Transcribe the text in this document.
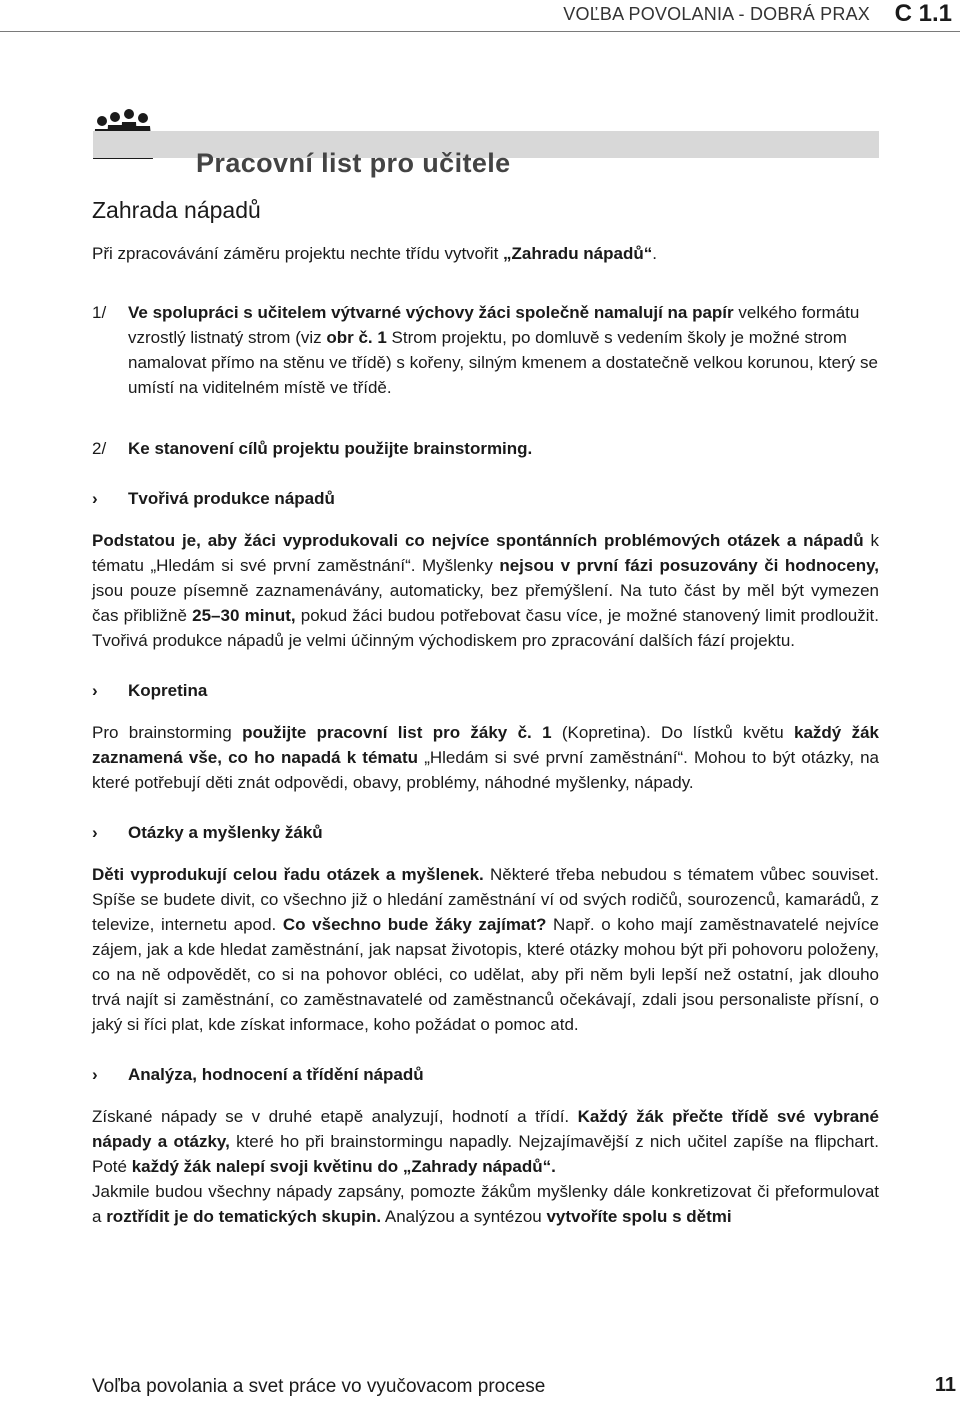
VOĽBA POVOLANIA - DOBRÁ PRAX C 1.1
Pracovní list pro učitele
Zahrada nápadů

Při zpracovávání záměru projektu nechte třídu vytvořit „Zahradu nápadů“.

1/ Ve spolupráci s učitelem výtvarné výchovy žáci společně namalují na papír velkého formátu vzrostlý listnatý strom (viz obr č. 1 Strom projektu, po domluvě s vedením školy je možné strom namalovat přímo na stěnu ve třídě) s kořeny, silným kmenem a dostatečně velkou korunou, který se umístí na viditelném místě ve třídě.
2/ Ke stanovení cílů projektu použijte brainstorming.
› Tvořivá produkce nápadů

Podstatou je, aby žáci vyprodukovali co nejvíce spontánních problémových otázek a nápadů k tématu „Hledám si své první zaměstnání“. Myšlenky nejsou v první fázi posuzovány či hodnoceny, jsou pouze písemně zaznamenávány, automaticky, bez přemýšlení. Na tuto část by měl být vymezen čas přibližně 25–30 minut, pokud žáci budou potřebovat času více, je možné stanovený limit prodloužit. Tvořivá produkce nápadů je velmi účinným východiskem pro zpracování dalších fází projektu.

› Kopretina

Pro brainstorming použijte pracovní list pro žáky č. 1 (Kopretina). Do lístků květu každý žák zaznamená vše, co ho napadá k tématu „Hledám si své první zaměstnání“. Mohou to být otázky, na které potřebují děti znát odpovědi, obavy, problémy, náhodné myšlenky, nápady.

› Otázky a myšlenky žáků

Děti vyprodukují celou řadu otázek a myšlenek. Některé třeba nebudou s tématem vůbec souviset. Spíše se budete divit, co všechno již o hledání zaměstnání ví od svých rodičů, sourozenců, kamarádů, z televize, internetu apod. Co všechno bude žáky zajímat? Např. o koho mají zaměstnavatelé nejvíce zájem, jak a kde hledat zaměstnání, jak napsat životopis, které otázky mohou být při pohovoru položeny, co na ně odpovědět, co si na pohovor obléci, co udělat, aby při něm byli lepší než ostatní, jak dlouho trvá najít si zaměstnání, co zaměstnavatelé od zaměstnanců očekávají, zdali jsou personaliste přísní, o jaký si říci plat, kde získat informace, koho požádat o pomoc atd.

› Analýza, hodnocení a třídění nápadů

Získané nápady se v druhé etapě analyzují, hodnotí a třídí. Každý žák přečte třídě své vybrané nápady a otázky, které ho při brainstormingu napadly. Nejzajímavější z nich učitel zapíše na flipchart. Poté každý žák nalepí svoji květinu do „Zahrady nápadů“.

Jakmile budou všechny nápady zapsány, pomozte žákům myšlenky dále konkretizovat či přeformulovat a roztřídit je do tematických skupin. Analýzou a syntézou vytvoříte spolu s dětmi

Voľba povolania a svet práce vo vyučovacom procese	11
